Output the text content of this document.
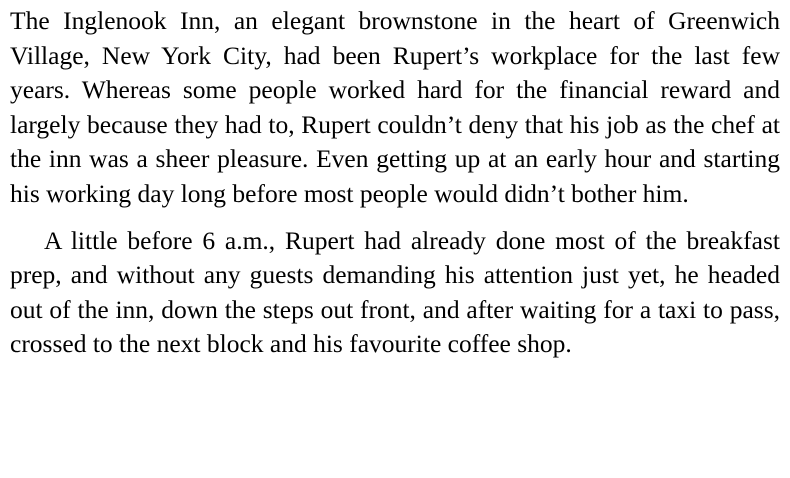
The Inglenook Inn, an elegant brownstone in the heart of Greenwich Village, New York City, had been Rupert’s workplace for the last few years. Whereas some people worked hard for the financial reward and largely because they had to, Rupert couldn’t deny that his job as the chef at the inn was a sheer pleasure. Even getting up at an early hour and starting his working day long before most people would didn’t bother him.

A little before 6 a.m., Rupert had already done most of the breakfast prep, and without any guests demanding his attention just yet, he headed out of the inn, down the steps out front, and after waiting for a taxi to pass, crossed to the next block and his favourite coffee shop.
